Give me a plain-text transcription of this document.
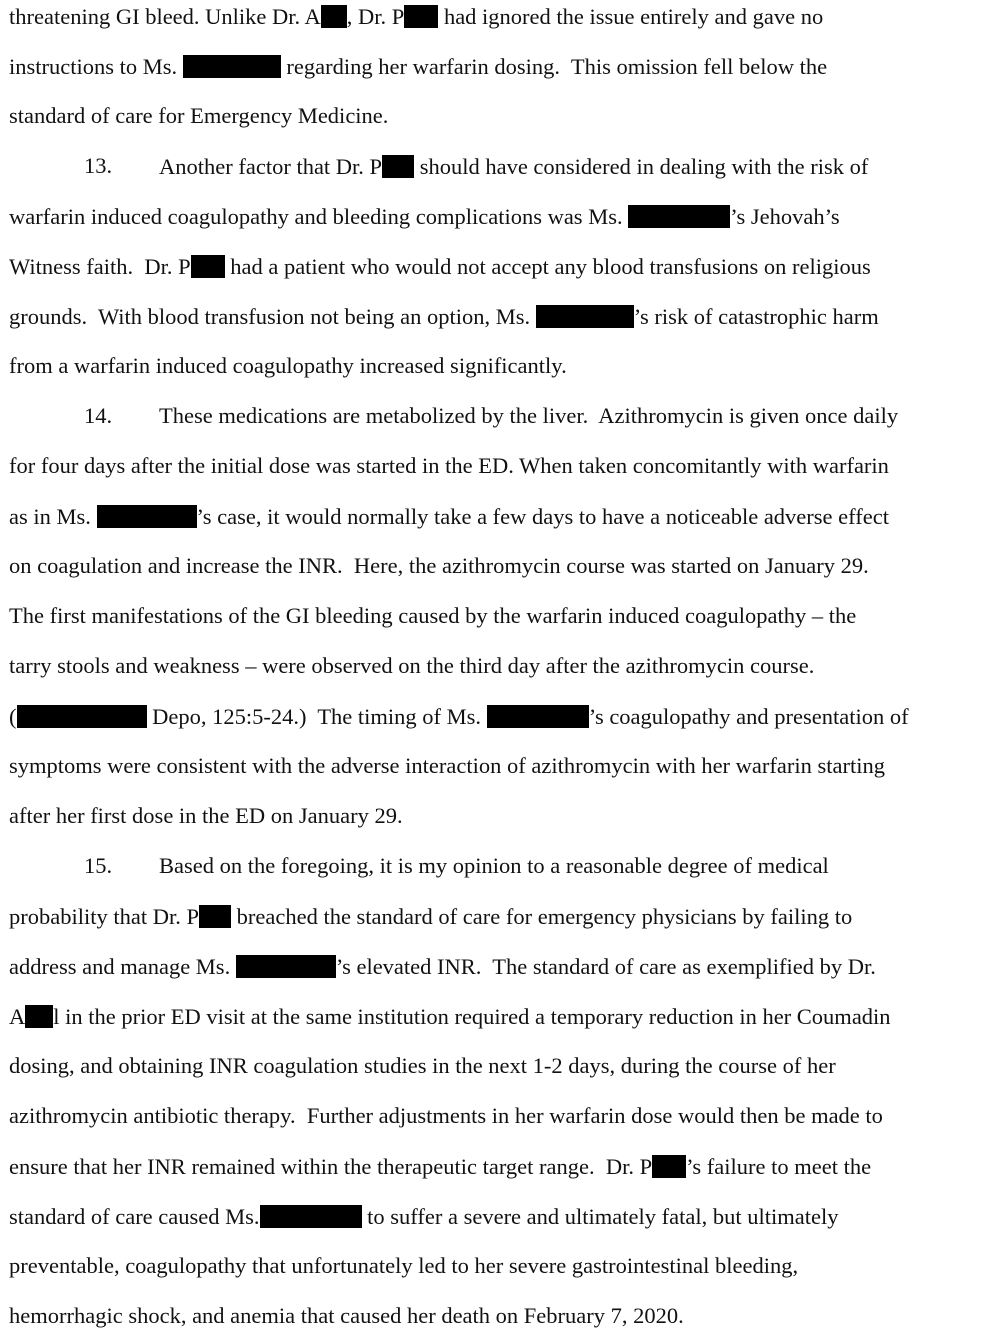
threatening GI bleed. Unlike Dr. A , Dr. P had ignored the issue entirely and gave no
instructions to Ms.	regarding her warfarin dosing.  This omission fell below the
standard of care for Emergency Medicine.
13. Another factor that Dr. P should have considered in dealing with the risk of
warfarin induced coagulopathy and bleeding complications was Ms.	’s Jehovah’s
Witness faith.  Dr. P had a patient who would not accept any blood transfusions on religious
grounds.  With blood transfusion not being an option, Ms.	’s risk of catastrophic harm
from a warfarin induced coagulopathy increased significantly.
14. These medications are metabolized by the liver.  Azithromycin is given once daily
for four days after the initial dose was started in the ED. When taken concomitantly with warfarin
as in Ms.	’s case, it would normally take a few days to have a noticeable adverse effect
on coagulation and increase the INR.  Here, the azithromycin course was started on January 29.
The first manifestations of the GI bleeding caused by the warfarin induced coagulopathy – the
tarry stools and weakness – were observed on the third day after the azithromycin course.
(	Depo, 125:5-24.)  The timing of Ms.	’s coagulopathy and presentation of
symptoms were consistent with the adverse interaction of azithromycin with her warfarin starting
after her first dose in the ED on January 29.
15. Based on the foregoing, it is my opinion to a reasonable degree of medical
probability that Dr. P breached the standard of care for emergency physicians by failing to
address and manage Ms.	’s elevated INR.  The standard of care as exemplified by Dr.
A l in the prior ED visit at the same institution required a temporary reduction in her Coumadin
dosing, and obtaining INR coagulation studies in the next 1-2 days, during the course of her
azithromycin antibiotic therapy.  Further adjustments in her warfarin dose would then be made to
ensure that her INR remained within the therapeutic target range.  Dr. P ’s failure to meet the
standard of care caused Ms.	to suffer a severe and ultimately fatal, but ultimately
preventable, coagulopathy that unfortunately led to her severe gastrointestinal bleeding,
hemorrhagic shock, and anemia that caused her death on February 7, 2020.
